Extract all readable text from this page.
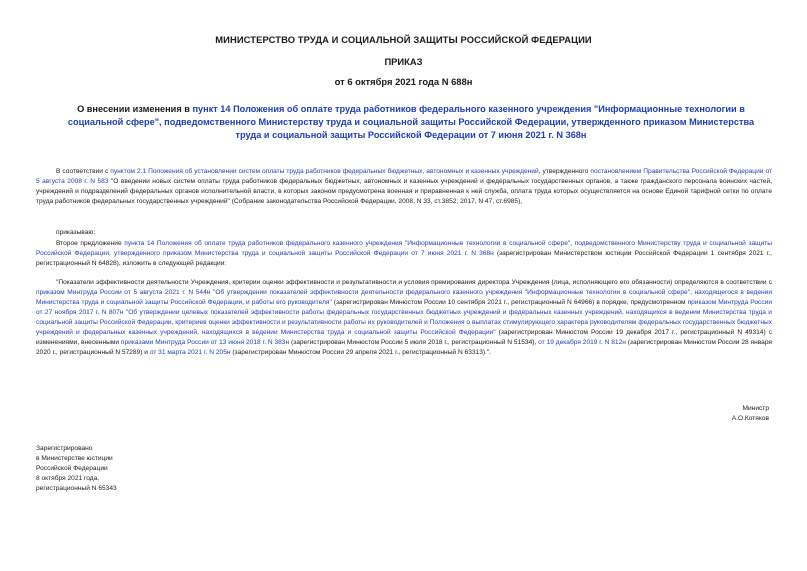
МИНИСТЕРСТВО ТРУДА И СОЦИАЛЬНОЙ ЗАЩИТЫ РОССИЙСКОЙ ФЕДЕРАЦИИ
ПРИКАЗ
от 6 октября 2021 года N 688н
О внесении изменения в пункт 14 Положения об оплате труда работников федерального казенного учреждения "Информационные технологии в социальной сфере", подведомственного Министерству труда и социальной защиты Российской Федерации, утвержденного приказом Министерства труда и социальной защиты Российской Федерации от 7 июня 2021 г. N 368н
В соответствии с пунктом 2.1 Положения об установлении систем оплаты труда работников федеральных бюджетных, автономных и казенных учреждений, утвержденного постановлением Правительства Российской Федерации от 5 августа 2008 г. N 583 "О введении новых систем оплаты труда работников федеральных бюджетных, автономных и казенных учреждений и федеральных государственных органов, а также гражданского персонала воинских частей, учреждений и подразделений федеральных органов исполнительной власти, в которых законом предусмотрена военная и приравненная к ней служба, оплата труда которых осуществляется на основе Единой тарифной сетки по оплате труда работников федеральных государственных учреждений" (Собрание законодательства Российской Федерации, 2008, N 33, ст.3852; 2017, N 47, ст.6985),
приказываю:
Второе предложение пункта 14 Положения об оплате труда работников федерального казенного учреждения "Информационные технологии в социальной сфере", подведомственного Министерству труда и социальной защиты Российской Федерации, утвержденного приказом Министерства труда и социальной защиты Российской Федерации от 7 июня 2021 г. N 368н (зарегистрирован Министерством юстиции Российской Федерации 1 сентября 2021 г., регистрационный N 64828), изложить в следующей редакции:
"Показатели эффективности деятельности Учреждения, критерии оценки эффективности и результативности и условия премирования директора Учреждения (лица, исполняющего его обязанности) определяются в соответствии с приказом Минтруда России от 5 августа 2021 г. N 544н "Об утверждении показателей эффективности деятельности федерального казенного учреждения "Информационные технологии в социальной сфере", находящегося в ведении Министерства труда и социальной защиты Российской Федерации, и работы его руководителя" (зарегистрирован Минюстом России 10 сентября 2021 г., регистрационный N 64966) в порядке, предусмотренном приказом Минтруда России от 27 ноября 2017 г. N 807н "Об утверждении целевых показателей эффективности работы федеральных государственных бюджетных учреждений и федеральных казенных учреждений, находящихся в ведении Министерства труда и социальной защиты Российской Федерации, критериев оценки эффективности и результативности работы их руководителей и Положения о выплатах стимулирующего характера руководителям федеральных государственных бюджетных учреждений и федеральных казенных учреждений, находящихся в ведении Министерства труда и социальной защиты Российской Федерации" (зарегистрирован Минюстом России 19 декабря 2017 г., регистрационный N 49314) с изменениями, внесенными приказами Минтруда России от 13 июня 2018 г. N 383н (зарегистрирован Минюстом России 5 июля 2018 г., регистрационный N 51534), от 19 декабря 2019 г. N 812н (зарегистрирован Минюстом России 28 января 2020 г., регистрационный N 57289) и от 31 марта 2021 г. N 205н (зарегистрирован Минюстом России 29 апреля 2021 г., регистрационный N 63313).".
Министр
А.О.Котяков
Зарегистрировано
в Министерстве юстиции
Российской Федерации
8 октября 2021 года,
регистрационный N 65343
